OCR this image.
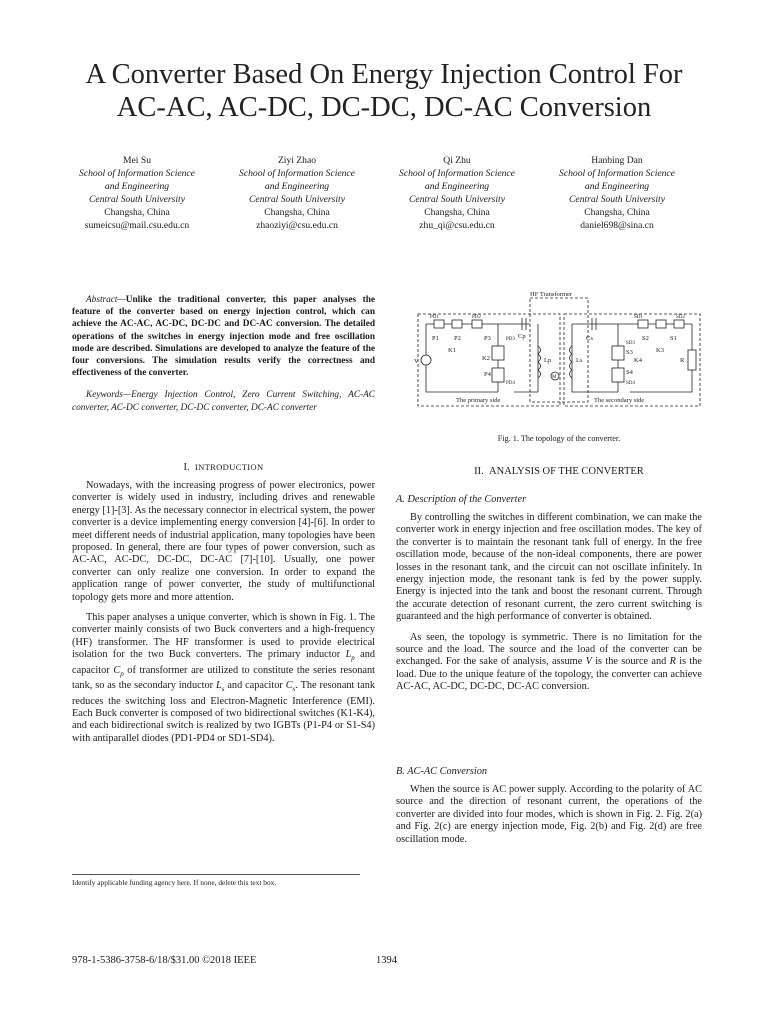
A Converter Based On Energy Injection Control For
AC-AC, AC-DC, DC-DC, DC-AC Conversion
Mei Su
School of Information Science
and Engineering
Central South University
Changsha, China
sumeicsu@mail.csu.edu.cn
Ziyi Zhao
School of Information Science
and Engineering
Central South University
Changsha, China
zhaoziyi@csu.edu.cn
Qi Zhu
School of Information Science
and Engineering
Central South University
Changsha, China
zhu_qi@csu.edu.cn
Hanbing Dan
School of Information Science
and Engineering
Central South University
Changsha, China
daniel698@sina.cn

Abstract—Unlike the traditional converter, this paper analyses the feature of the converter based on energy injection control, which can achieve the AC-AC, AC-DC, DC-DC and DC-AC conversion. The detailed operations of the switches in energy injection mode and free oscillation mode are described. Simulations are developed to analyze the feature of the four conversions. The simulation results verify the correctness and effectiveness of the converter.

Keywords—Energy Injection Control, Zero Current Switching, AC-AC converter, AC-DC converter, DC-DC converter, DC-AC converter

I. INTRODUCTION

Nowadays, with the increasing progress of power electronics, power converter is widely used in industry, including drives and renewable energy [1]-[3]. As the necessary connector in electrical system, the power converter is a device implementing energy conversion [4]-[6]. In order to meet different needs of industrial application, many topologies have been proposed. In general, there are four types of power conversion, such as AC-AC, AC-DC, DC-DC, DC-AC [7]-[10]. Usually, one power converter can only realize one conversion. In order to expand the application range of power converter, the study of multifunctional topology gets more and more attention.

This paper analyses a unique converter, which is shown in Fig. 1. The converter mainly consists of two Buck converters and a high-frequency (HF) transformer. The HF transformer is used to provide electrical isolation for the two Buck converters. The primary inductor $L_p$ and capacitor $C_p$ of transformer are utilized to constitute the series resonant tank, so as the secondary inductor $L_s$ and capacitor $C_s$. The resonant tank reduces the switching loss and Electron-Magnetic Interference (EMI). Each Buck converter is composed of two bidirectional switches (K1-K4), and each bidirectional switch is realized by two IGBTs (P1-P4 or S1-S4) with antiparallel diodes (PD1-PD4 or SD1-SD4).

HF Transformer
The primary side	The secondary side
PD1	PD2
P1 P2
K1
Cp
PD3
P3
K2
P4
PD4
Lp
V	Ls
Cs
M
SD1	SD2
S2	S1
K3
SD3
S3
K4
S4
SD4
R
Fig. 1. The topology of the converter.
II. ANALYSIS OF THE CONVERTER
A. Description of the Converter

By controlling the switches in different combination, we can make the converter work in energy injection and free oscillation modes. The key of the converter is to maintain the resonant tank full of energy. In the free oscillation mode, because of the non-ideal components, there are power losses in the resonant tank, and the circuit can not oscillate infinitely. In energy injection mode, the resonant tank is fed by the power supply. Energy is injected into the tank and boost the resonant current. Through the accurate detection of resonant current, the zero current switching is guaranteed and the high performance of converter is obtained.

As seen, the topology is symmetric. There is no limitation for the source and the load. The source and the load of the converter can be exchanged. For the sake of analysis, assume V is the source and R is the load. Due to the unique feature of the topology, the converter can achieve AC-AC, AC-DC, DC-DC, DC-AC conversion.

B. AC-AC Conversion

When the source is AC power supply. According to the polarity of AC source and the direction of resonant current, the operations of the converter are divided into four modes, which is shown in Fig. 2. Fig. 2(a) and Fig. 2(c) are energy injection mode, Fig. 2(b) and Fig. 2(d) are free oscillation mode.

Identify applicable funding agency here. If none, delete this text box.
978-1-5386-3758-6/18/$31.00 ©2018 IEEE	1394
